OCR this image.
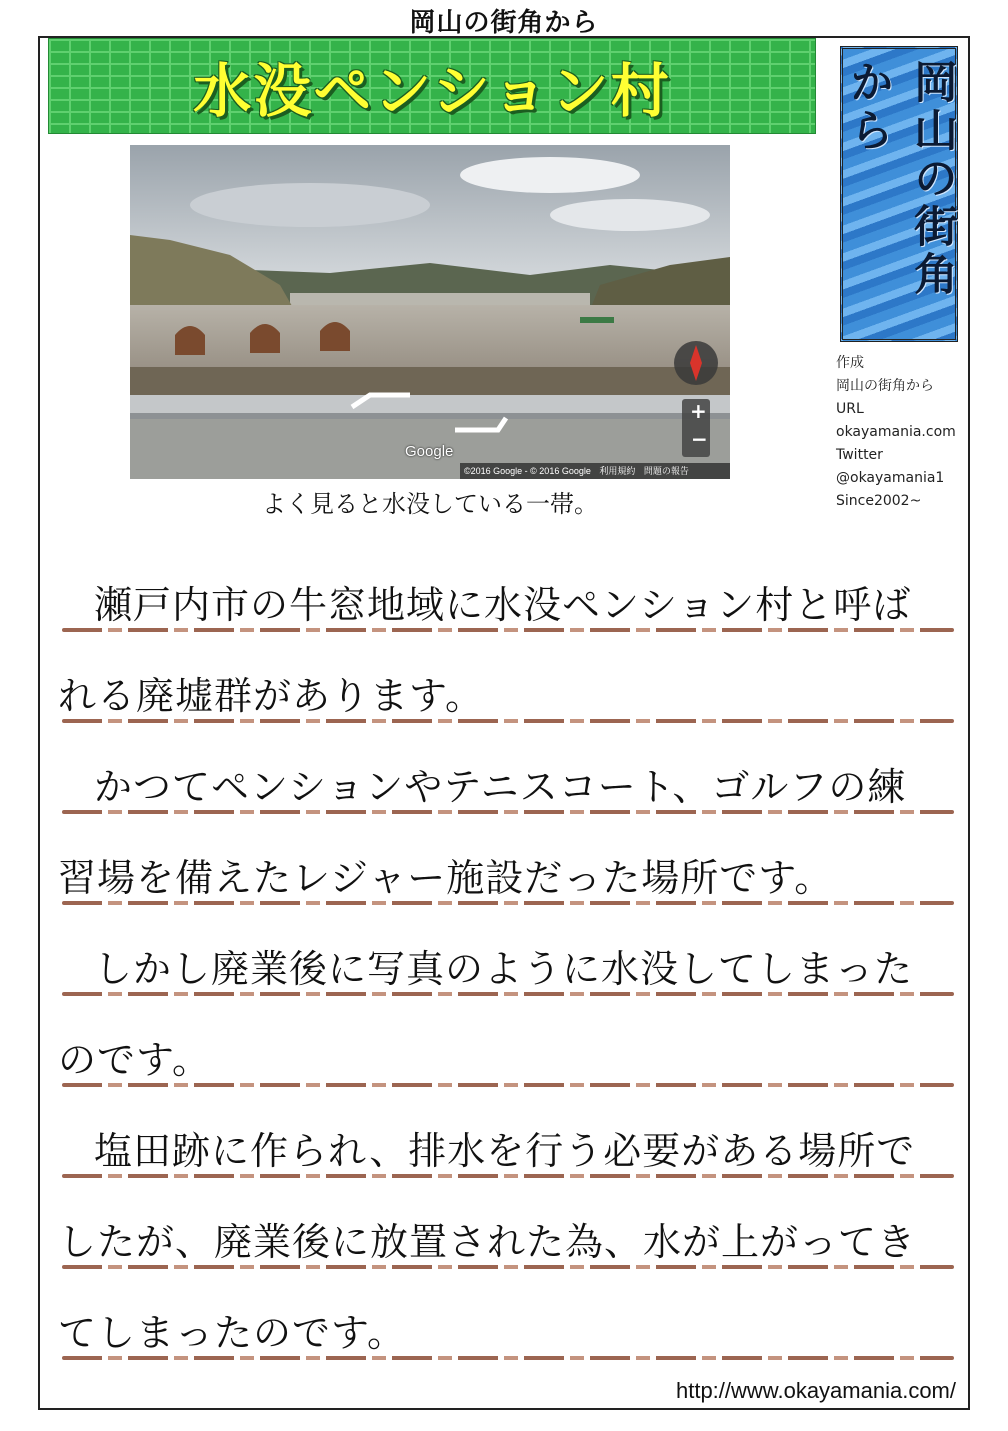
岡山の街角から
水没ペンション村	岡山の街角から
作成
岡山の街角から
URL
okayamania.com
Twitter
@okayamania1
Since2002~
+
−
Google
©2016 Google - © 2016 Google 利用規約 問題の報告
よく見ると水没している一帯。
瀬戸内市の牛窓地域に水没ペンション村と呼ば
れる廃墟群があります。
かつてペンションやテニスコート、ゴルフの練
習場を備えたレジャー施設だった場所です。
しかし廃業後に写真のように水没してしまった
のです。
塩田跡に作られ、排水を行う必要がある場所で
したが、廃業後に放置された為、水が上がってき
てしまったのです。
http://www.okayamania.com/
